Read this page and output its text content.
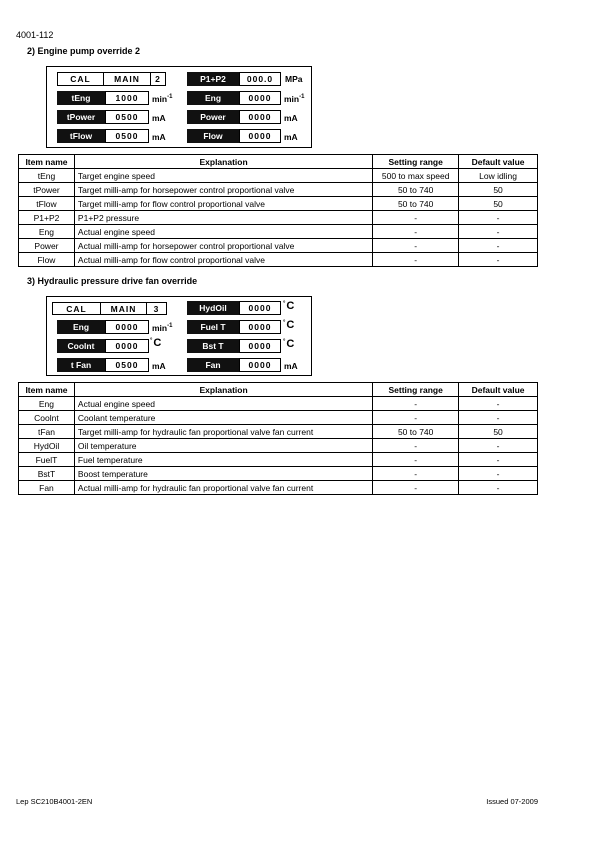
4001-112
2) Engine pump override 2
CAL	MAIN	2	P1+P2	000.0	MPa
tEng	1000	$\min^{-1}$	Eng	0000	$\min^{-1}$
tPower	0500	mA	Power	0000	mA
tFlow	0500	mA	Flow	0000	mA
Item name	Explanation	Setting range	Default value
tEng	Target engine speed	500 to max speed	Low idling
tPower	Target milli-amp for horsepower control proportional valve	50 to 740	50
tFlow	Target milli-amp for flow control proportional valve	50 to 740	50
P1+P2	P1+P2 pressure	-	-
Eng	Actual engine speed	-	-
Power	Actual milli-amp for horsepower control proportional valve	-	-
Flow	Actual milli-amp for flow control proportional valve	-	-
3) Hydraulic pressure drive fan override
CAL	MAIN	3	HydOil	0000	°C
Fuel T	0000	°C
Bst T	0000	°C
Fan	0000	mA
Eng	0000	$\min^{-1}$
Coolnt	0000	°C
t Fan	0500	mA
Item name	Explanation	Setting range	Default value
Eng	Actual engine speed	-	-
Coolnt	Coolant temperature	-	-
tFan	Target milli-amp for hydraulic fan proportional valve fan current	50 to 740	50
HydOil	Oil temperature	-	-
FuelT	Fuel temperature	-	-
BstT	Boost temperature	-	-
Fan	Actual milli-amp for hydraulic fan proportional valve fan current	-	-
Lep SC210B4001-2EN	Issued 07-2009
